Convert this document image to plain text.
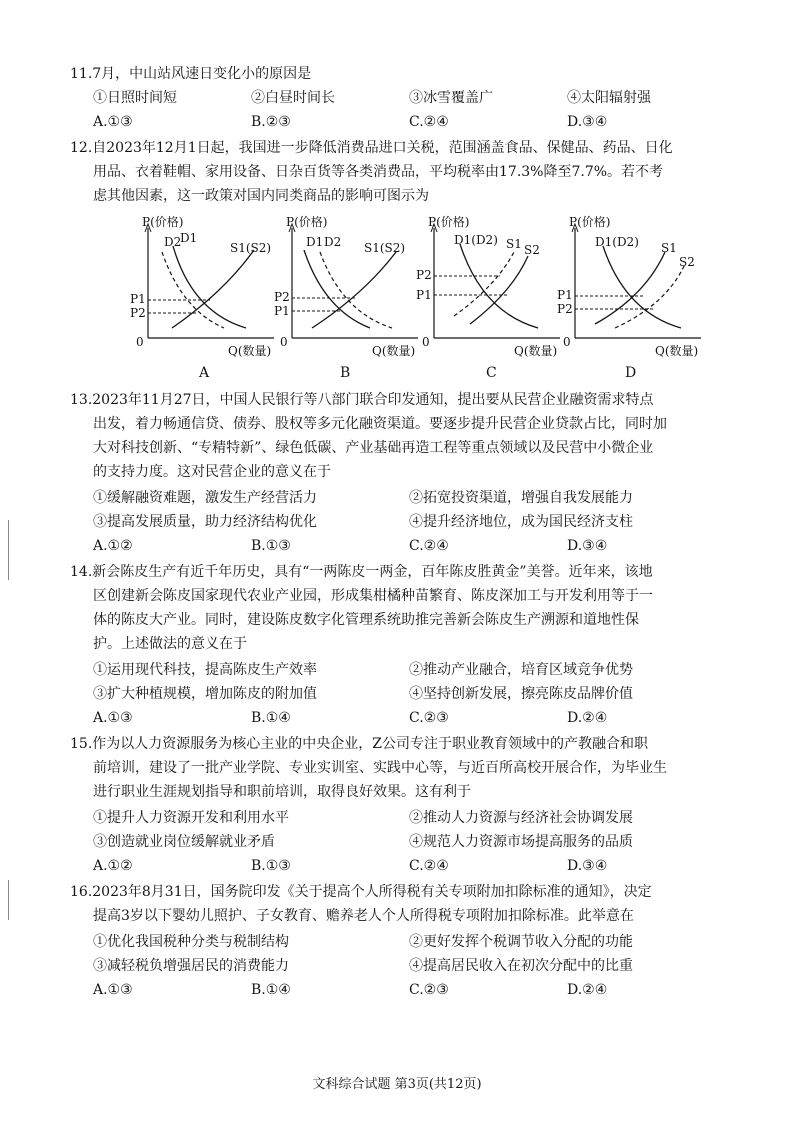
11.7月，中山站风速日变化小的原因是
①日照时间短	②白昼时间长	③冰雪覆盖广	④太阳辐射强
A.①③	B.②③	C.②④	D.③④
12.自2023年12月1日起，我国进一步降低消费品进口关税，范围涵盖食品、保健品、药品、日化
用品、衣着鞋帽、家用设备、日杂百货等各类消费品，平均税率由17.3%降至7.7%。若不考
虑其他因素，这一政策对国内同类商品的影响可图示为
P(价格)
0
Q(数量)
D2
D1
S1(S2)
P1
P2
A
P(价格)
0
Q(数量)
D1 D2 S1(S2)
P2
P1
B
P(价格)
0
Q(数量)
D1(D2) S1 S2
P2
P1
C
P(价格)
0
Q(数量)
D1(D2) S1
S2
P1
P2
D
13.2023年11月27日，中国人民银行等八部门联合印发通知，提出要从民营企业融资需求特点
出发，着力畅通信贷、债券、股权等多元化融资渠道。要逐步提升民营企业贷款占比，同时加
大对科技创新、“专精特新”、绿色低碳、产业基础再造工程等重点领域以及民营中小微企业
的支持力度。这对民营企业的意义在于
①缓解融资难题，激发生产经营活力	②拓宽投资渠道，增强自我发展能力
③提高发展质量，助力经济结构优化	④提升经济地位，成为国民经济支柱
A.①②	B.①③	C.②④	D.③④
14.新会陈皮生产有近千年历史，具有“一两陈皮一两金，百年陈皮胜黄金”美誉。近年来，该地
区创建新会陈皮国家现代农业产业园，形成集柑橘种苗繁育、陈皮深加工与开发利用等于一
体的陈皮大产业。同时，建设陈皮数字化管理系统助推完善新会陈皮生产溯源和道地性保
护。上述做法的意义在于
①运用现代科技，提高陈皮生产效率	②推动产业融合，培育区域竞争优势
③扩大种植规模，增加陈皮的附加值	④坚持创新发展，擦亮陈皮品牌价值
A.①③	B.①④	C.②③	D.②④
15.作为以人力资源服务为核心主业的中央企业，Z公司专注于职业教育领域中的产教融合和职
前培训，建设了一批产业学院、专业实训室、实践中心等，与近百所高校开展合作，为毕业生
进行职业生涯规划指导和职前培训，取得良好效果。这有利于
①提升人力资源开发和利用水平	②推动人力资源与经济社会协调发展
③创造就业岗位缓解就业矛盾	④规范人力资源市场提高服务的品质
A.①②	B.①③	C.②④	D.③④
16.2023年8月31日，国务院印发《关于提高个人所得税有关专项附加扣除标准的通知》，决定
提高3岁以下婴幼儿照护、子女教育、赡养老人个人所得税专项附加扣除标准。此举意在
①优化我国税种分类与税制结构	②更好发挥个税调节收入分配的功能
③减轻税负增强居民的消费能力	④提高居民收入在初次分配中的比重
A.①③	B.①④	C.②③	D.②④
文科综合试题 第3页(共12页)
